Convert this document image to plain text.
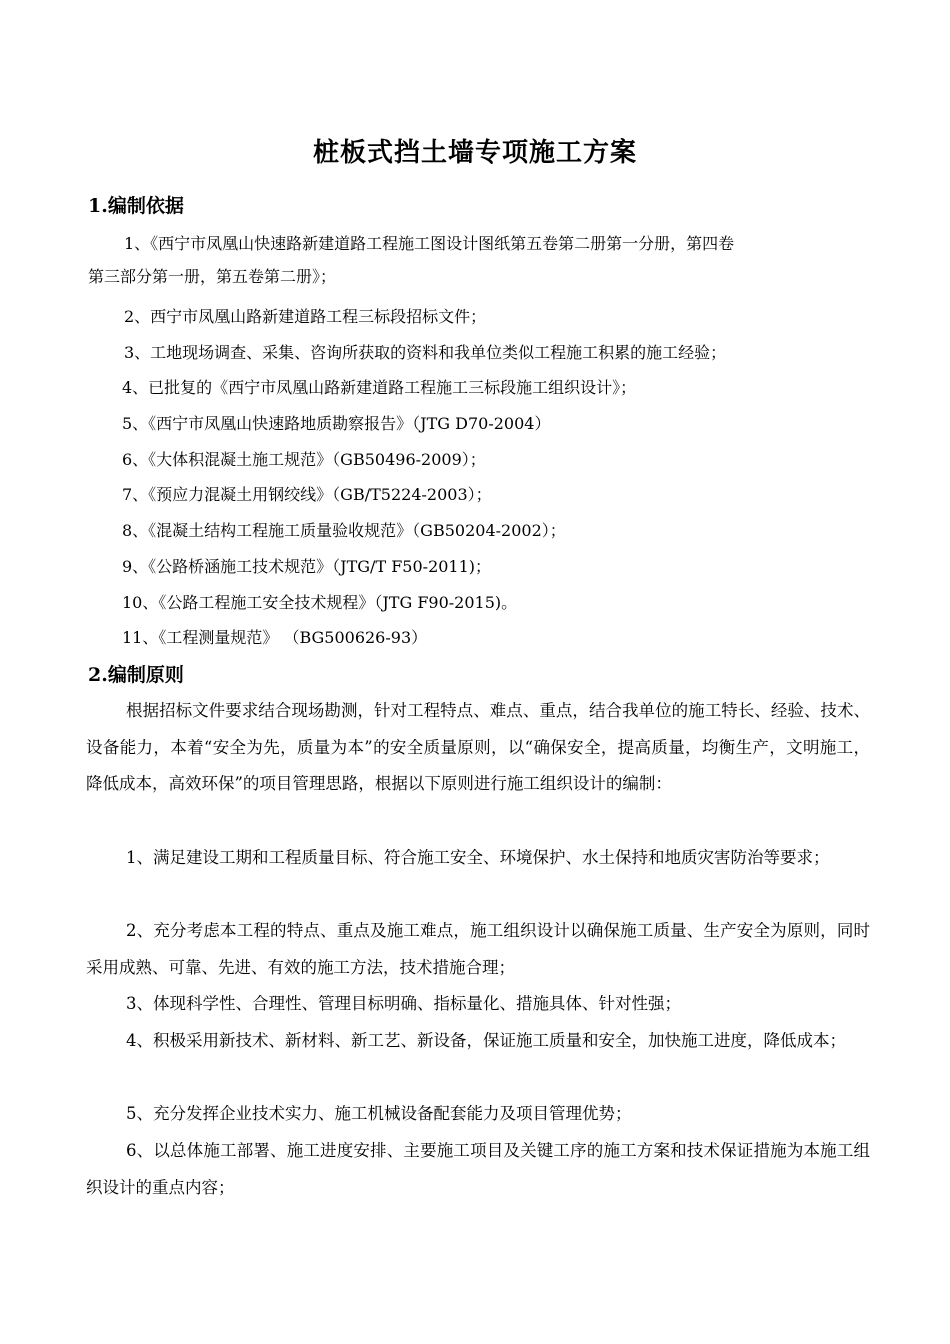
桩板式挡土墙专项施工方案
1.编制依据
1、《西宁市凤凰山快速路新建道路工程施工图设计图纸第五卷第二册第一分册，第四卷
第三部分第一册，第五卷第二册》；
2、西宁市凤凰山路新建道路工程三标段招标文件；
3、工地现场调查、采集、咨询所获取的资料和我单位类似工程施工积累的施工经验；
4、已批复的《西宁市凤凰山路新建道路工程施工三标段施工组织设计》；
5、《西宁市凤凰山快速路地质勘察报告》（JTG D70-2004）
6、《大体积混凝土施工规范》（GB50496-2009）；
7、《预应力混凝土用钢绞线》（GB/T5224-2003）；
8、《混凝土结构工程施工质量验收规范》（GB50204-2002）；
9、《公路桥涵施工技术规范》（JTG/T F50-2011)；
10、《公路工程施工安全技术规程》（JTG F90-2015)。
11、《工程测量规范》 （BG500626-93）
2.编制原则
根据招标文件要求结合现场勘测，针对工程特点、难点、重点，结合我单位的施工特长、经验、技术、设备能力，本着“安全为先，质量为本”的安全质量原则，以“确保安全，提高质量，均衡生产，文明施工，降低成本，高效环保”的项目管理思路，根据以下原则进行施工组织设计的编制：
1、满足建设工期和工程质量目标、符合施工安全、环境保护、水土保持和地质灾害防治等要求；
2、充分考虑本工程的特点、重点及施工难点，施工组织设计以确保施工质量、生产安全为原则，同时采用成熟、可靠、先进、有效的施工方法，技术措施合理；
3、体现科学性、合理性、管理目标明确、指标量化、措施具体、针对性强；
4、积极采用新技术、新材料、新工艺、新设备，保证施工质量和安全，加快施工进度，降低成本；
5、充分发挥企业技术实力、施工机械设备配套能力及项目管理优势；
6、以总体施工部署、施工进度安排、主要施工项目及关键工序的施工方案和技术保证措施为本施工组织设计的重点内容；
